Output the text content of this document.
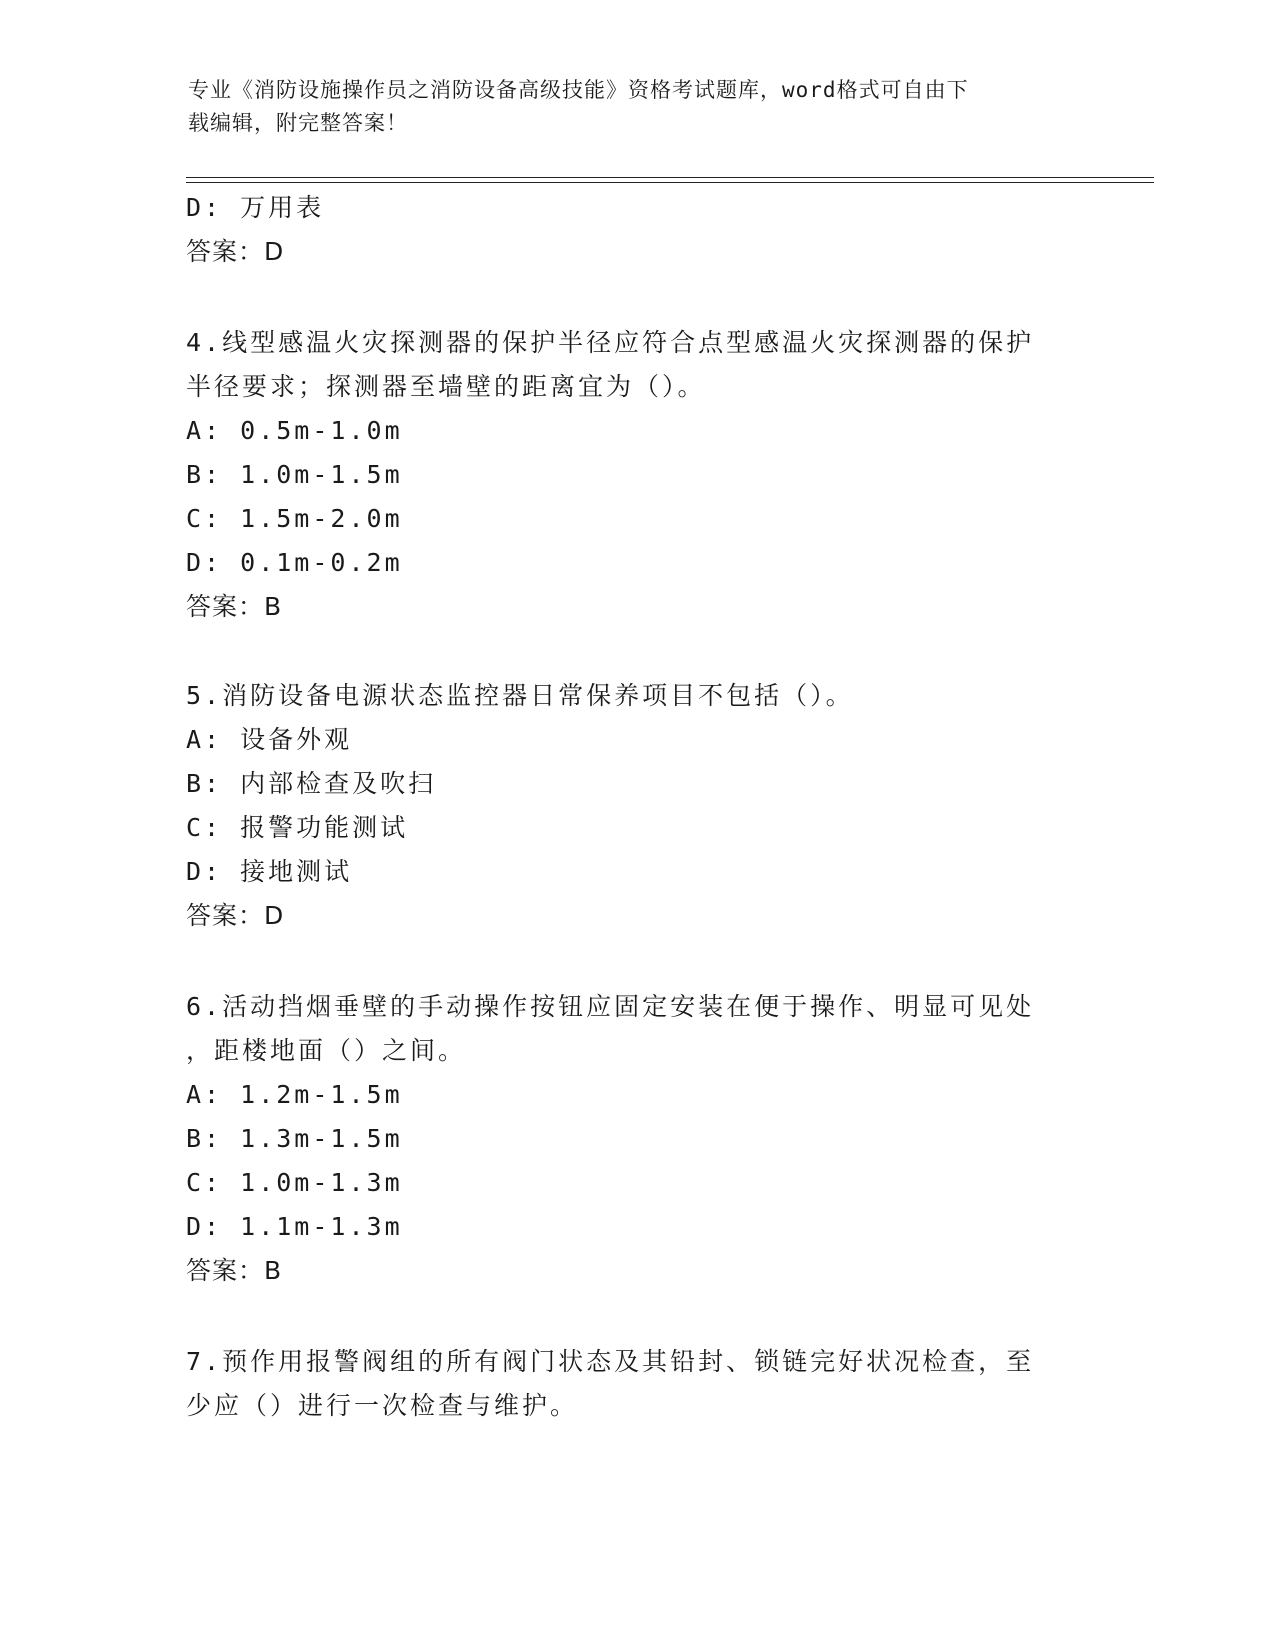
专业《消防设施操作员之消防设备高级技能》资格考试题库，word格式可自由下
载编辑，附完整答案！
D: 万用表
答案：D
4.线型感温火灾探测器的保护半径应符合点型感温火灾探测器的保护
半径要求；探测器至墙壁的距离宜为（）。
A: 0.5m-1.0m
B: 1.0m-1.5m
C: 1.5m-2.0m
D: 0.1m-0.2m
答案：B
5.消防设备电源状态监控器日常保养项目不包括（）。
A: 设备外观
B: 内部检查及吹扫
C: 报警功能测试
D: 接地测试
答案：D
6.活动挡烟垂壁的手动操作按钮应固定安装在便于操作、明显可见处
，距楼地面（）之间。
A: 1.2m-1.5m
B: 1.3m-1.5m
C: 1.0m-1.3m
D: 1.1m-1.3m
答案：B
7.预作用报警阀组的所有阀门状态及其铅封、锁链完好状况检查，至
少应（）进行一次检查与维护。
